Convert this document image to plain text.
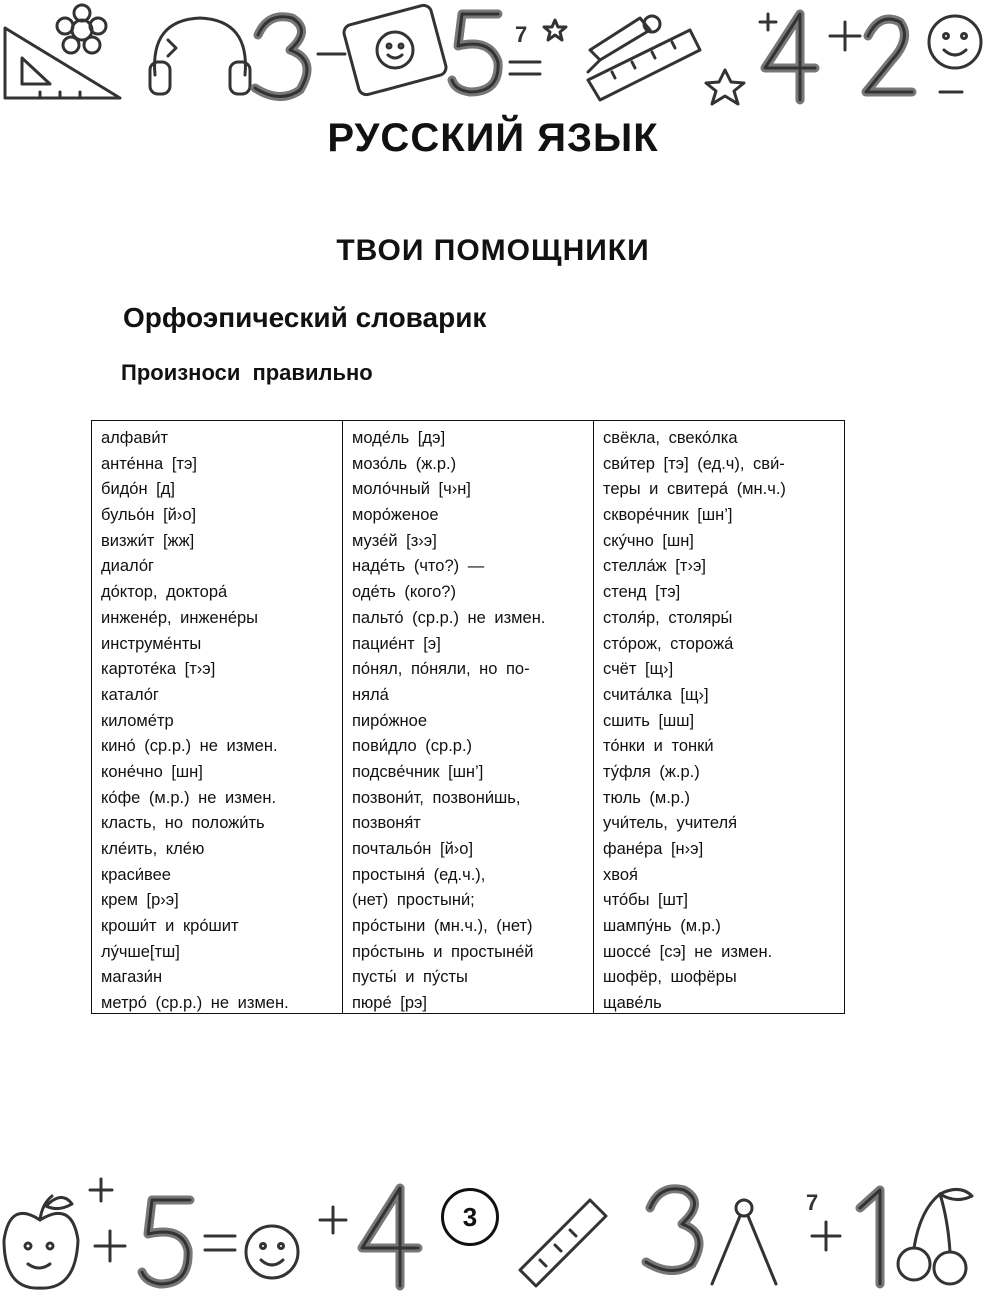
7
РУССКИЙ ЯЗЫК
ТВОИ ПОМОЩНИКИ
Орфоэпический словарик
Произноси правильно
алфави́т
анте́нна [тэ]
бидо́н [д]
бульо́н [й›о]
визжи́т [жж]
диало́г
до́ктор, доктора́
инжене́р, инжене́ры
инструме́нты
картоте́ка [т›э]
катало́г
киломе́тр
кино́ (ср.р.) не измен.
коне́чно [шн]
ко́фе (м.р.) не измен.
класть, но положи́ть
кле́ить, кле́ю
краси́вее
крем [р›э]
кроши́т и кро́шит
лу́чше[тш]
магази́н
метро́ (ср.р.) не измен.
моде́ль [дэ]
мозо́ль (ж.р.)
моло́чный [ч›н]
моро́женое
музе́й [з›э]
наде́ть (что?) —
оде́ть (кого?)
пальто́ (ср.р.) не измен.
пацие́нт [э]
по́нял, по́няли, но по-
няла́
пиро́жное
пови́дло (ср.р.)
подсве́чник [шн’]
позвони́т, позвони́шь,
позвоня́т
почтальо́н [й›о]
простыня́ (ед.ч.),
(нет) простыни́;
про́стыни (мн.ч.), (нет)
про́стынь и простыне́й
пусты́ и пу́сты
пюре́ [рэ]
свёкла, свеко́лка
сви́тер [тэ] (ед.ч), сви́-
теры и свитера́ (мн.ч.)
скворе́чник [шн’]
ску́чно [шн]
стелла́ж [т›э]
стенд [тэ]
столя́р, столяры́
сто́рож, сторожа́
счёт [щ›]
счита́лка [щ›]
сшить [шш]
то́нки и тонки́
ту́фля (ж.р.)
тюль (м.р.)
учи́тель, учителя́
фане́ра [н›э]
хвоя́
что́бы [шт]
шампу́нь (м.р.)
шоссе́ [сэ] не измен.
шофёр, шофёры
щаве́ль
7
3
